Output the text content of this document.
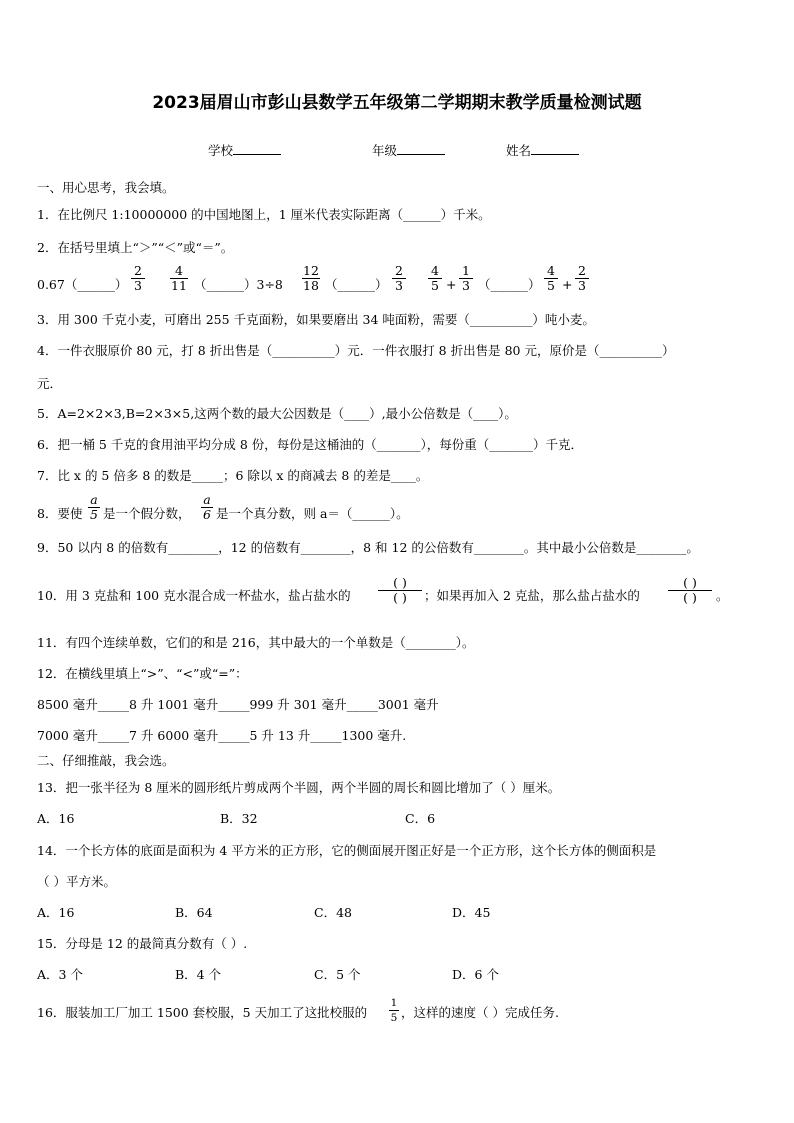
2023届眉山市彭山县数学五年级第二学期期末教学质量检测试题
学校	年级	姓名
一、用心思考，我会填。
1．在比例尺 1:10000000 的中国地图上，1 厘米代表实际距离（______）千米。
2．在括号里填上“＞”“＜”或“＝”。
0.67（______） $\frac{2}{3} \frac{4}{11}$ （______）3÷8 $\frac{12}{18}$ （______） $\frac{2}{3} \frac{4}{5} + \frac{1}{3}$ （______） $\frac{4}{5} + \frac{2}{3}$
3．用 300 千克小麦，可磨出 255 千克面粉，如果要磨出 34 吨面粉，需要（__________）吨小麦。
4．一件衣服原价 80 元，打 8 折出售是（__________）元．一件衣服打 8 折出售是 80 元，原价是（__________）
元．
5．A=2×2×3,B=2×3×5,这两个数的最大公因数是（____）,最小公倍数是（____）。
6．把一桶 5 千克的食用油平均分成 8 份，每份是这桶油的（_______），每份重（_______）千克．
7．比 x 的 5 倍多 8 的数是_____；6 除以 x 的商减去 8 的差是____。
8．要使 $\frac{a}{5}$ 是一个假分数， $\frac{a}{6}$ 是一个真分数，则 a＝（______）。
9．50 以内 8 的倍数有________，12 的倍数有________，8 和 12 的公倍数有________。其中最小公倍数是________。
10．用 3 克盐和 100 克水混合成一杯盐水，盐占盐水的
( )
( )	；如果再加入 2 克盐，那么盐占盐水的
( )
( )	。
11．有四个连续单数，它们的和是 216，其中最大的一个单数是（________）。
12．在横线里填上“>”、“<”或“=”：
8500 毫升_____8 升 1001 毫升_____999 升 301 毫升_____3001 毫升
7000 毫升_____7 升 6000 毫升_____5 升 13 升_____1300 毫升.
二、仔细推敲，我会选。
13．把一张半径为 8 厘米的圆形纸片剪成两个半圆，两个半圆的周长和圆比增加了（ ）厘米。
A．16	B．32	C．6
14．一个长方体的底面是面积为 4 平方米的正方形，它的侧面展开图正好是一个正方形，这个长方体的侧面积是
（ ）平方米。
A．16	B．64	C．48	D．45
15．分母是 12 的最简真分数有（ ）.
A．3 个	B．4 个	C．5 个	D．6 个
16．服装加工厂加工 1500 套校服，5 天加工了这批校服的 $\frac{1}{5}$ ，这样的速度（ ）完成任务.
